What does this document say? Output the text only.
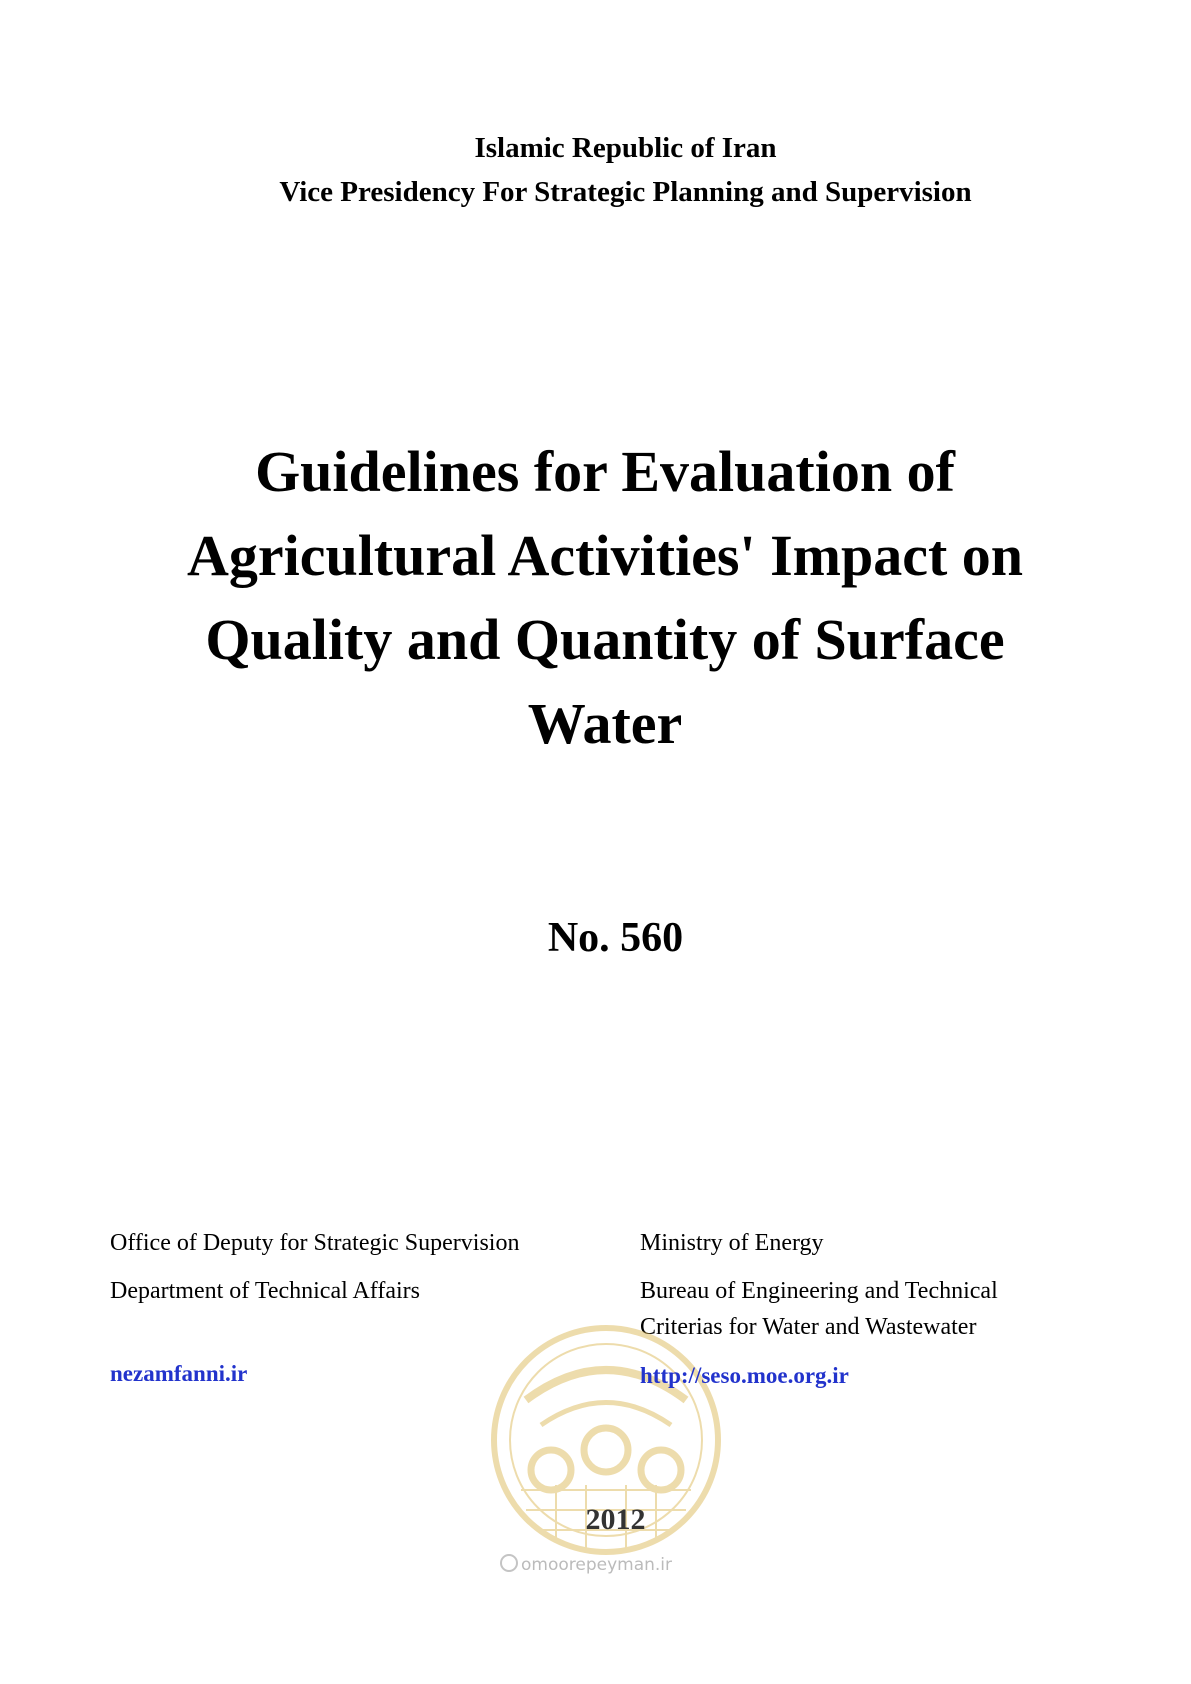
Islamic Republic of Iran
Vice Presidency For Strategic Planning and Supervision
Guidelines for Evaluation of
Agricultural Activities' Impact on
Quality and Quantity of Surface
Water
No. 560
Office of Deputy for Strategic Supervision
Department of Technical Affairs
Ministry of Energy
Bureau of Engineering and Technical
Criterias for Water and Wastewater
nezamfanni.ir	http://seso.moe.org.ir
2012
omoorepeyman.ir
